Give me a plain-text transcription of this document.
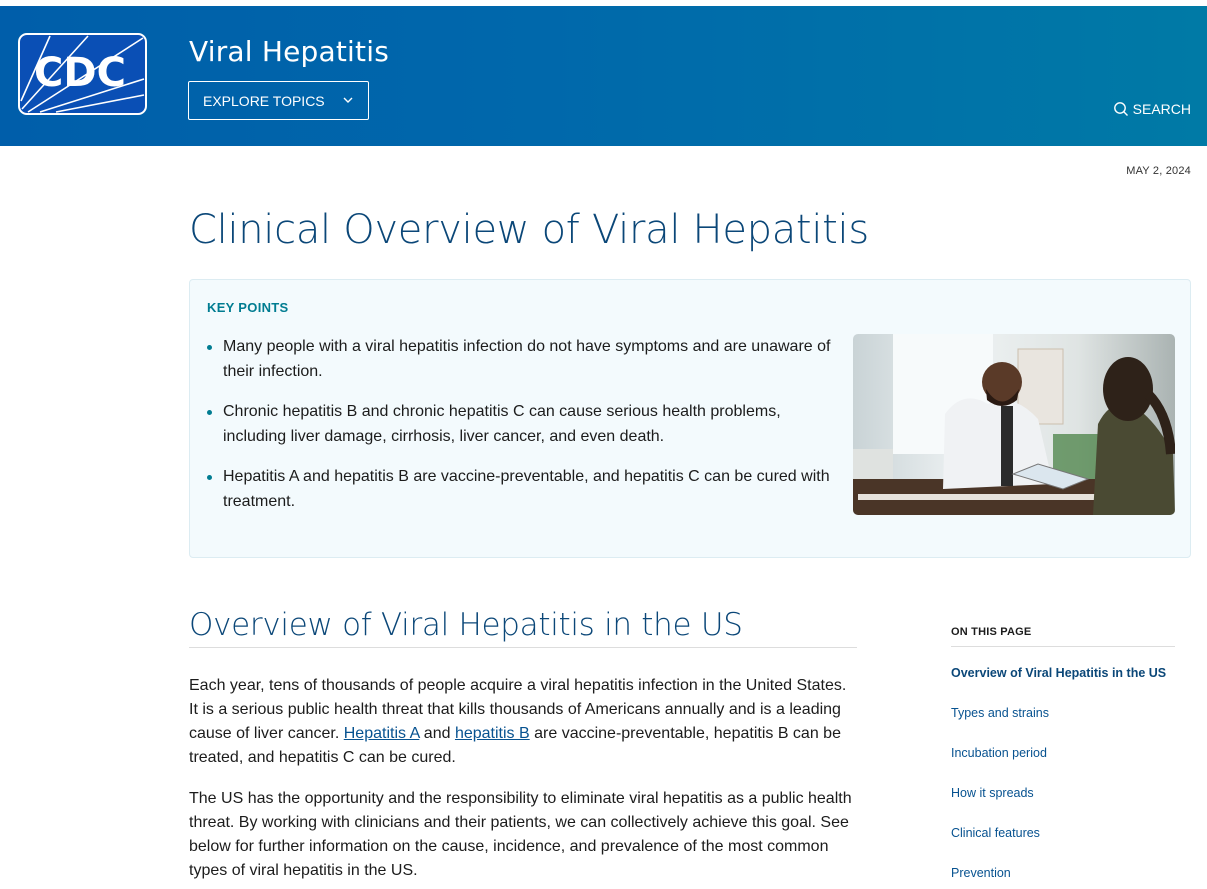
CDC Viral Hepatitis
EXPLORE TOPICS
SEARCH
MAY 2, 2024
Clinical Overview of Viral Hepatitis
KEY POINTS
Many people with a viral hepatitis infection do not have symptoms and are unaware of their infection.
Chronic hepatitis B and chronic hepatitis C can cause serious health problems, including liver damage, cirrhosis, liver cancer, and even death.
Hepatitis A and hepatitis B are vaccine-preventable, and hepatitis C can be cured with treatment.
Overview of Viral Hepatitis in the US

Each year, tens of thousands of people acquire a viral hepatitis infection in the United States. It is a serious public health threat that kills thousands of Americans annually and is a leading cause of liver cancer. Hepatitis A and hepatitis B are vaccine-preventable, hepatitis B can be treated, and hepatitis C can be cured.

The US has the opportunity and the responsibility to eliminate viral hepatitis as a public health threat. By working with clinicians and their patients, we can collectively achieve this goal. See below for further information on the cause, incidence, and prevalence of the most common types of viral hepatitis in the US.

ON THIS PAGE
Overview of Viral Hepatitis in the US
Types and strains
Incubation period
How it spreads
Clinical features
Prevention
